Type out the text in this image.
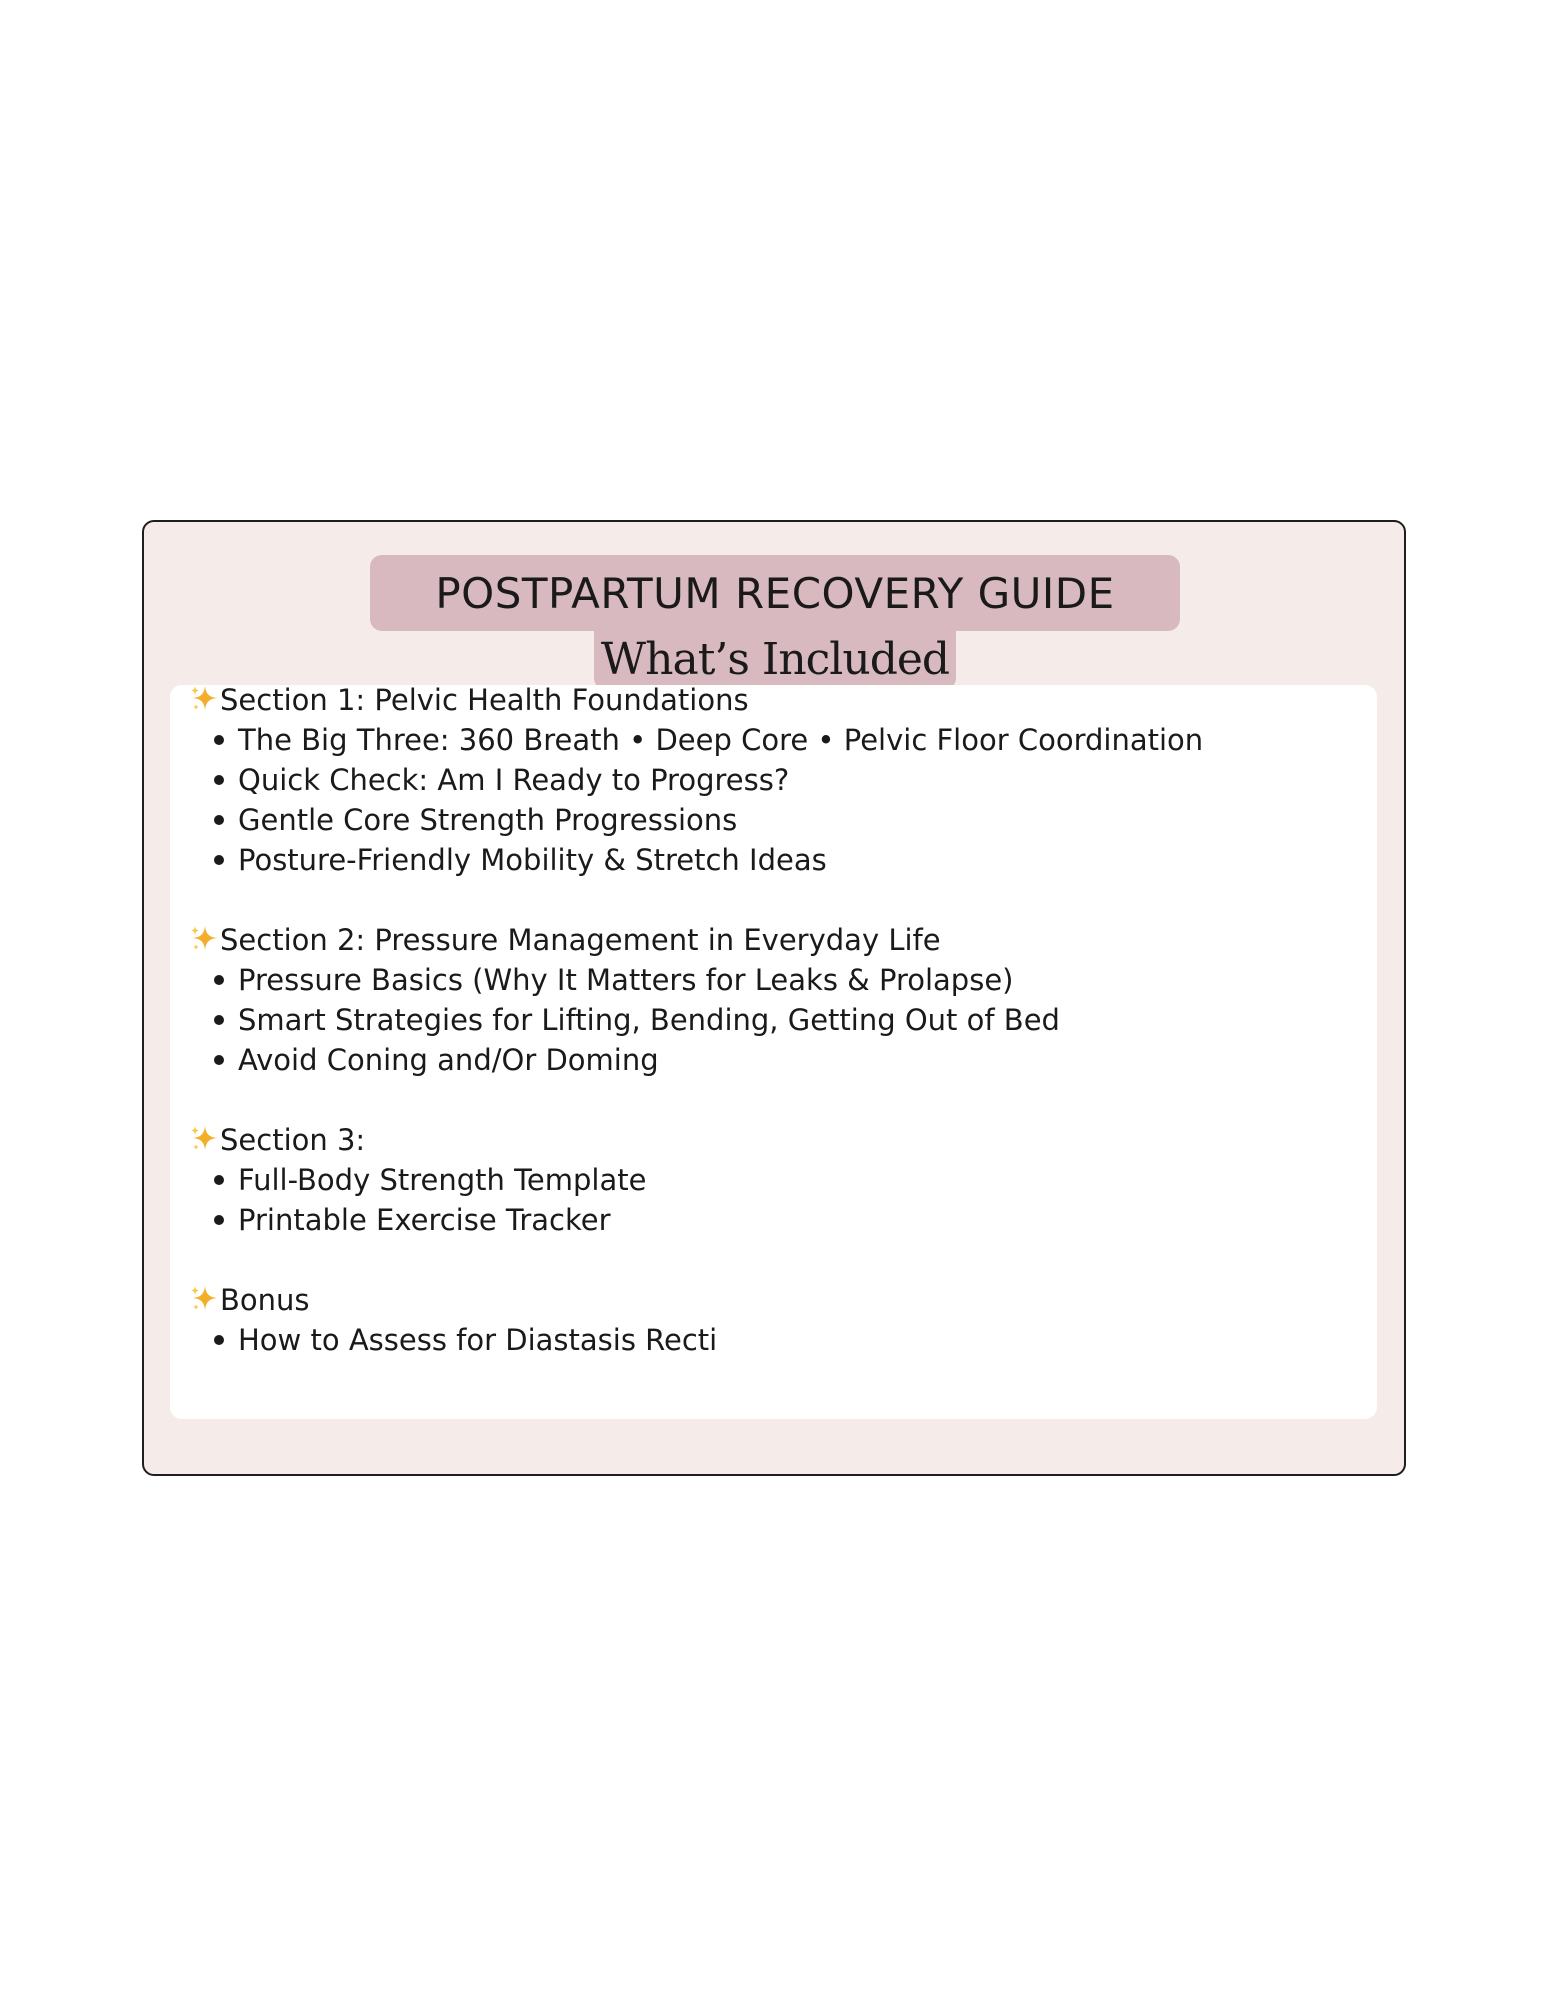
POSTPARTUM RECOVERY GUIDE
What’s Included
Section 1: Pelvic Health Foundations
The Big Three: 360 Breath • Deep Core • Pelvic Floor Coordination
Quick Check: Am I Ready to Progress?
Gentle Core Strength Progressions
Posture-Friendly Mobility & Stretch Ideas
Section 2: Pressure Management in Everyday Life
Pressure Basics (Why It Matters for Leaks & Prolapse)
Smart Strategies for Lifting, Bending, Getting Out of Bed
Avoid Coning and/Or Doming
Section 3:
Full-Body Strength Template
Printable Exercise Tracker
Bonus
How to Assess for Diastasis Recti
